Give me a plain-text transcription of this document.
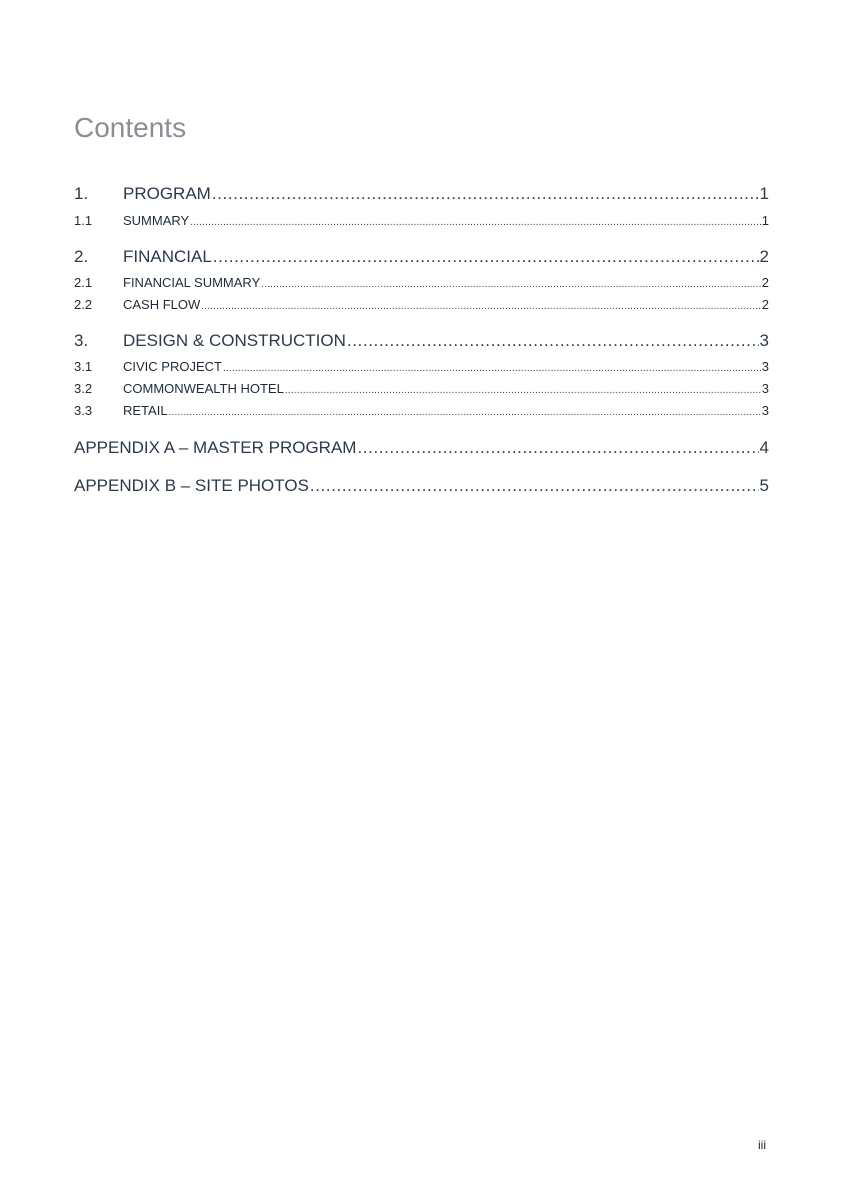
Contents
1.	PROGRAM .....	1
1.1	SUMMARY .....	1
2.	FINANCIAL .....	2
2.1	FINANCIAL SUMMARY .....	2
2.2	CASH FLOW .....	2
3.	DESIGN & CONSTRUCTION .....	3
3.1	CIVIC PROJECT .....	3
3.2	COMMONWEALTH HOTEL .....	3
3.3	RETAIL .....	3
APPENDIX A – MASTER PROGRAM .....	4
APPENDIX B – SITE PHOTOS .....	5
iii
